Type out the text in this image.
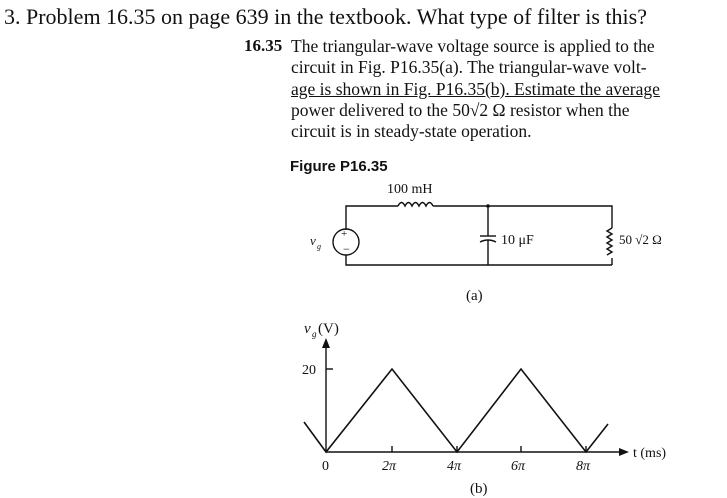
3. Problem 16.35 on page 639 in the textbook. What type of filter is this?
16.35 The triangular-wave voltage source is applied to the
circuit in Fig. P16.35(a). The triangular-wave volt-
age is shown in Fig. P16.35(b). Estimate the average
power delivered to the 50√2 Ω resistor when the
circuit is in steady-state operation.
Figure P16.35
+
−
v g
100 mH
10 μF	50 √2 Ω
(a)
v g (V)
20
0	2π	4π	6π	8π
t (ms)
(b)
